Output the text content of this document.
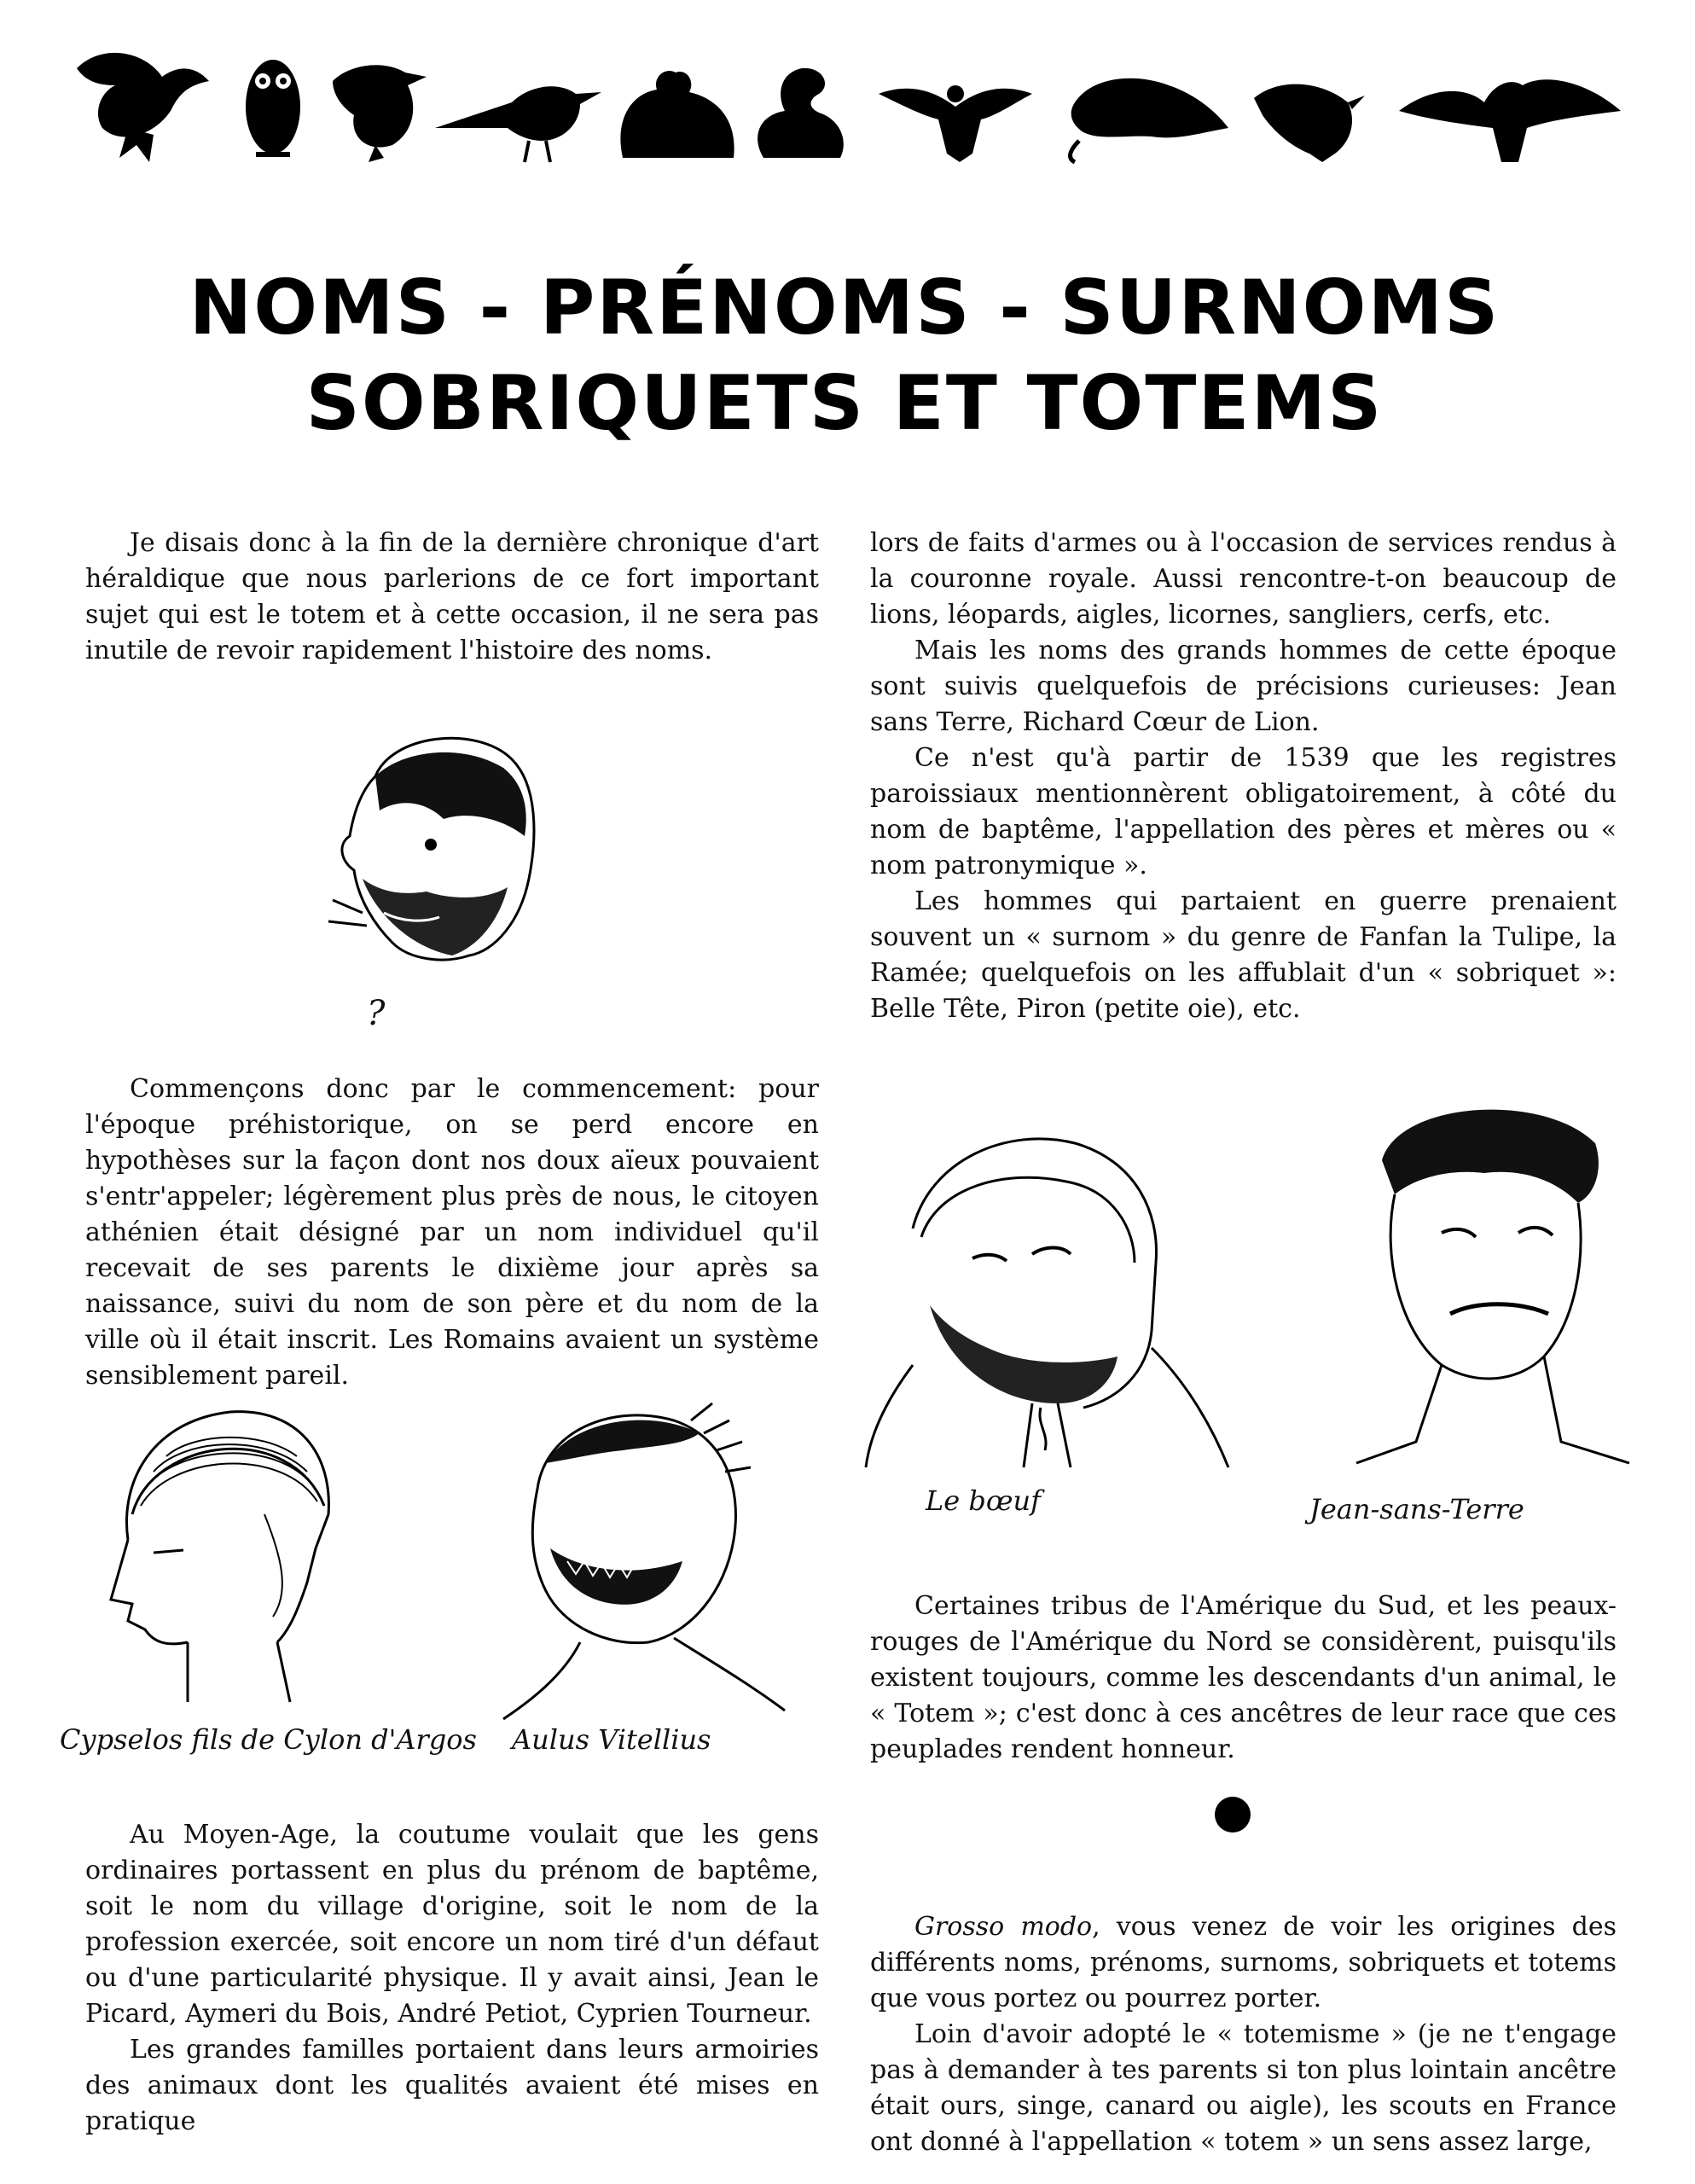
NOMS - PRÉNOMS - SURNOMS
SOBRIQUETS ET TOTEMS

Je disais donc à la fin de la dernière chronique d'art héraldique que nous parlerions de ce fort important sujet qui est le totem et à cette occasion, il ne sera pas inutile de revoir rapidement l'histoire des noms.

?

Commençons donc par le commencement: pour l'époque préhistorique, on se perd encore en hypothèses sur la façon dont nos doux aïeux pouvaient s'entr'appeler; légèrement plus près de nous, le citoyen athénien était désigné par un nom individuel qu'il recevait de ses parents le dixième jour après sa naissance, suivi du nom de son père et du nom de la ville où il était inscrit. Les Romains avaient un système sensiblement pareil.

Cypselos fils de Cylon d'Argos Aulus Vitellius

Au Moyen-Age, la coutume voulait que les gens ordinaires portassent en plus du prénom de baptême, soit le nom du village d'origine, soit le nom de la profession exercée, soit encore un nom tiré d'un défaut ou d'une particularité physique. Il y avait ainsi, Jean le Picard, Aymeri du Bois, André Petiot, Cyprien Tourneur.

Les grandes familles portaient dans leurs armoiries des animaux dont les qualités avaient été mises en pratique

lors de faits d'armes ou à l'occasion de services rendus à la couronne royale. Aussi rencontre-t-on beaucoup de lions, léopards, aigles, licornes, sangliers, cerfs, etc.

Mais les noms des grands hommes de cette époque sont suivis quelquefois de précisions curieuses: Jean sans Terre, Richard Cœur de Lion.

Ce n'est qu'à partir de 1539 que les registres paroissiaux mentionnèrent obligatoirement, à côté du nom de baptême, l'appellation des pères et mères ou « nom patronymique ».

Les hommes qui partaient en guerre prenaient souvent un « surnom » du genre de Fanfan la Tulipe, la Ramée; quelquefois on les affublait d'un « sobriquet »: Belle Tête, Piron (petite oie), etc.

Le bœuf	Jean-sans-Terre

Certaines tribus de l'Amérique du Sud, et les peaux-rouges de l'Amérique du Nord se considèrent, puisqu'ils existent toujours, comme les descendants d'un animal, le « Totem »; c'est donc à ces ancêtres de leur race que ces peuplades rendent honneur.

Grosso modo, vous venez de voir les origines des différents noms, prénoms, surnoms, sobriquets et totems que vous portez ou pourrez porter.

Loin d'avoir adopté le « totemisme » (je ne t'engage pas à demander à tes parents si ton plus lointain ancêtre était ours, singe, canard ou aigle), les scouts en France ont donné à l'appellation « totem » un sens assez large,
